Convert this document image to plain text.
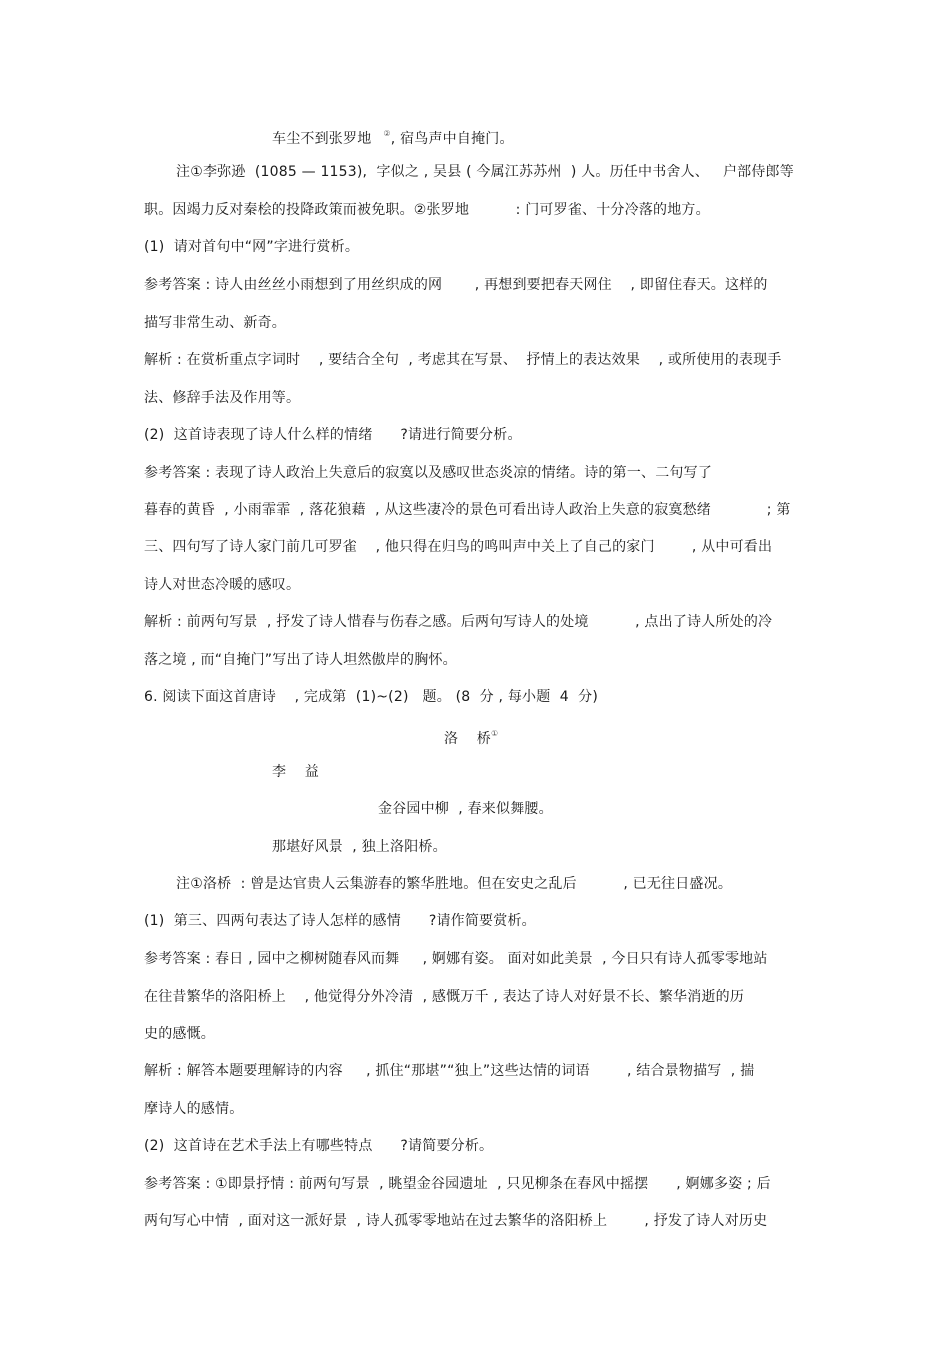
车尘不到张罗地 ②, 宿鸟声中自掩门。
注①李弥逊  (1085 — 1153),  字似之 , 吴县 ( 今属江苏苏州  ) 人。历任中书舍人、   户部侍郎等
职。因竭力反对秦桧的投降政策而被免职。②张罗地          : 门可罗雀、十分冷落的地方。
(1)  请对首句中“网”字进行赏析。
参考答案 : 诗人由丝丝小雨想到了用丝织成的网       , 再想到要把春天网住    , 即留住春天。这样的
描写非常生动、新奇。
解析 : 在赏析重点字词时    , 要结合全句  , 考虑其在写景、  抒情上的表达效果    , 或所使用的表现手
法、修辞手法及作用等。
(2)  这首诗表现了诗人什么样的情绪      ?请进行简要分析。
参考答案 : 表现了诗人政治上失意后的寂寞以及感叹世态炎凉的情绪。诗的第一、二句写了
暮春的黄昏  , 小雨霏霏  , 落花狼藉  , 从这些凄冷的景色可看出诗人政治上失意的寂寞愁绪            ; 第
三、四句写了诗人家门前几可罗雀    , 他只得在归鸟的鸣叫声中关上了自己的家门        , 从中可看出
诗人对世态冷暖的感叹。
解析 : 前两句写景  , 抒发了诗人惜春与伤春之感。后两句写诗人的处境          , 点出了诗人所处的冷
落之境 , 而“自掩门”写出了诗人坦然傲岸的胸怀。
6. 阅读下面这首唐诗    , 完成第  (1)~(2)   题。 (8  分 , 每小题  4  分)
洛    桥①
李    益
金谷园中柳  , 春来似舞腰。
那堪好风景  , 独上洛阳桥。
注①洛桥  : 曾是达官贵人云集游春的繁华胜地。但在安史之乱后          , 已无往日盛况。
(1)  第三、四两句表达了诗人怎样的感情      ?请作简要赏析。
参考答案 : 春日 , 园中之柳树随春风而舞     , 婀娜有姿。 面对如此美景  , 今日只有诗人孤零零地站
在往昔繁华的洛阳桥上    , 他觉得分外冷清  , 感慨万千 , 表达了诗人对好景不长、繁华消逝的历
史的感慨。
解析 : 解答本题要理解诗的内容     , 抓住“那堪”“独上”这些达情的词语        , 结合景物描写  , 揣
摩诗人的感情。
(2)  这首诗在艺术手法上有哪些特点      ?请简要分析。
参考答案 : ①即景抒情 : 前两句写景  , 眺望金谷园遗址  , 只见柳条在春风中摇摆      , 婀娜多姿 ; 后
两句写心中情  , 面对这一派好景  , 诗人孤零零地站在过去繁华的洛阳桥上        , 抒发了诗人对历史
